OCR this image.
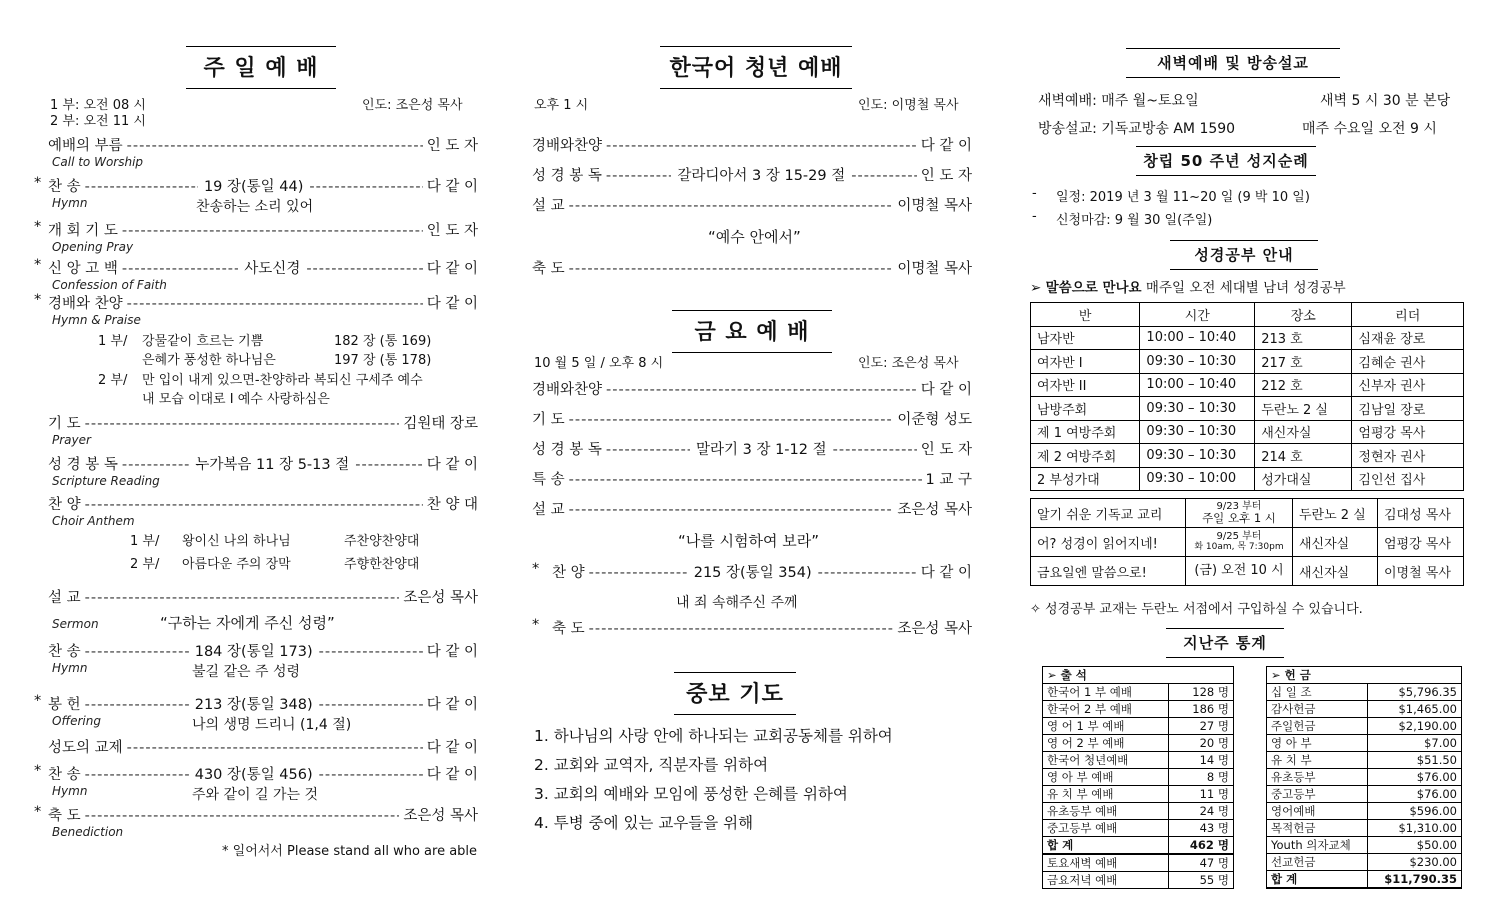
주 일 예 배
1 부: 오전 08 시
2 부: 오전 11 시
인도: 조은성 목사
예배의 부름 -----	인 도 자
Call to Worship
* 찬 송 -----	19 장(통일 44) -----	다 같 이
Hymn	찬송하는 소리 있어
* 개 회 기 도 -----	인 도 자
Opening Pray
* 신 앙 고 백 -----	사도신경 -----	다 같 이
Confession of Faith
* 경배와 찬양 -----	다 같 이
Hymn & Praise
1 부/ 강물같이 흐르는 기쁨	182 장 (통 169)
은혜가 풍성한 하나님은	197 장 (통 178)
2 부/ 만 입이 내게 있으면-찬양하라 복되신 구세주 예수
내 모습 이대로 I 예수 사랑하심은
기 도 -----	김원태 장로
Prayer
성 경 봉 독 -----	누가복음 11 장 5-13 절 -----	다 같 이
Scripture Reading
찬 양 -----	찬 양 대
Choir Anthem
1 부/ 왕이신 나의 하나님	주찬양찬양대
2 부/ 아름다운 주의 장막	주향한찬양대
설 교 -----	조은성 목사
Sermon	“구하는 자에게 주신 성령”
찬 송 -----	184 장(통일 173) -----	다 같 이
Hymn	불길 같은 주 성령
* 봉 헌 -----	213 장(통일 348) -----	다 같 이
Offering	나의 생명 드리니 (1,4 절)
성도의 교제 -----	다 같 이
* 찬 송 -----	430 장(통일 456) -----	다 같 이
Hymn	주와 같이 길 가는 것
* 축 도 -----	조은성 목사
Benediction
* 일어서서 Please stand all who are able
한국어 청년 예배
오후 1 시	인도: 이명철 목사
경배와찬양 -----	다 같 이
성 경 봉 독 -----	갈라디아서 3 장 15-29 절 -----	인 도 자
설 교 -----	이명철 목사
“예수 안에서”
축 도 -----	이명철 목사
금 요 예 배
10 월 5 일 / 오후 8 시	인도: 조은성 목사
경배와찬양 -----	다 같 이
기 도 -----	이준형 성도
성 경 봉 독 -----	말라기 3 장 1-12 절 -----	인 도 자
특 송 -----	1 교 구
설 교 -----	조은성 목사
“나를 시험하여 보라”
* 찬 양 -----	215 장(통일 354) -----	다 같 이
내 죄 속해주신 주께
* 축 도 -----	조은성 목사
중보 기도
1. 하나님의 사랑 안에 하나되는 교회공동체를 위하여
2. 교회와 교역자, 직분자를 위하여
3. 교회의 예배와 모임에 풍성한 은혜를 위하여
4. 투병 중에 있는 교우들을 위해
새벽예배 및 방송설교
새벽예배: 매주 월~토요일	새벽 5 시 30 분 본당
방송설교: 기독교방송 AM 1590	매주 수요일 오전 9 시
창립 50 주년 성지순례
- 일정: 2019 년 3 월 11~20 일 (9 박 10 일)
- 신청마감: 9 월 30 일(주일)
성경공부 안내
➢ 말씀으로 만나요 매주일 오전 세대별 남녀 성경공부
반	시간	장소	리더
남자반	10:00 – 10:40	213 호	심재윤 장로
여자반 I	09:30 – 10:30	217 호	김혜순 권사
여자반 II	10:00 – 10:40	212 호	신부자 권사
남방주회	09:30 – 10:30	두란노 2 실	김남일 장로
제 1 여방주회	09:30 – 10:30	새신자실	엄평강 목사
제 2 여방주회	09:30 – 10:30	214 호	정현자 권사
2 부성가대	09:30 – 10:00	성가대실	김인선 집사
알기 쉬운 기독교 교리	9/23 부터
주일 오후 1 시	두란노 2 실	김대성 목사
어? 성경이 읽어지네!	9/25 부터
화 10am, 목 7:30pm	새신자실	엄평강 목사
금요일엔 말씀으로!	(금) 오전 10 시	새신자실	이명철 목사
✧ 성경공부 교재는 두란노 서점에서 구입하실 수 있습니다.
지난주 통계
➢ 출 석	
한국어 1 부 예배	128 명
한국어 2 부 예배	186 명
영 어 1 부 예배	27 명
영 어 2 부 예배	20 명
한국어 청년예배	14 명
영 아 부 예배	8 명
유 치 부 예배	11 명
유초등부 예배	24 명
중고등부 예배	43 명
합 계	462 명
토요새벽 예배	47 명
금요저녁 예배	55 명
➢ 헌 금	
십 일 조	$5,796.35
감사헌금	$1,465.00
주일헌금	$2,190.00
영 아 부	$7.00
유 치 부	$51.50
유초등부	$76.00
중고등부	$76.00
영어예배	$596.00
목적헌금	$1,310.00
Youth 의자교체	$50.00
선교헌금	$230.00
합 계	$11,790.35
